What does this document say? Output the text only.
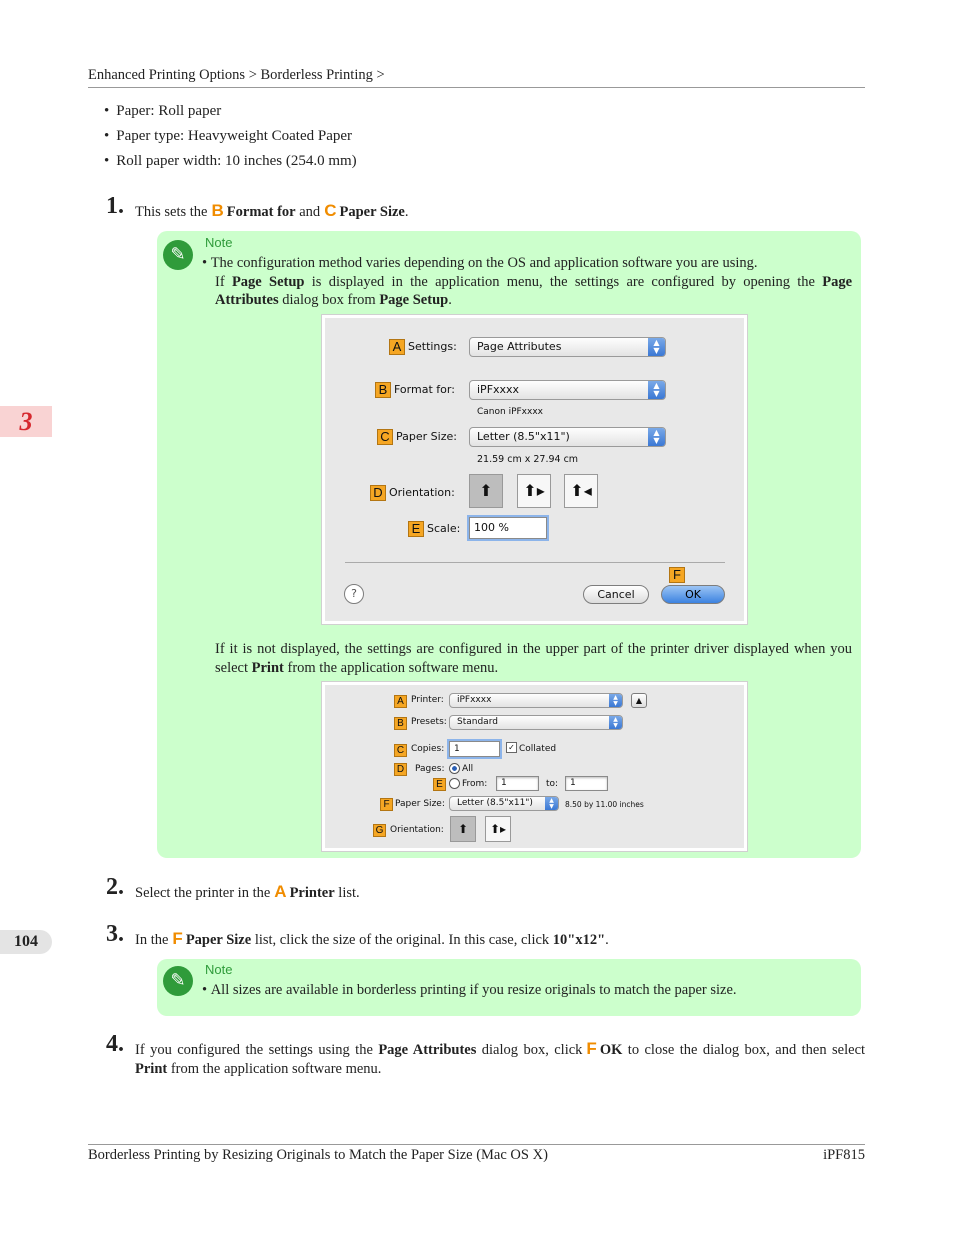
Enhanced Printing Options > Borderless Printing >
• Paper: Roll paper
• Paper type: Heavyweight Coated Paper
• Roll paper width: 10 inches (254.0 mm)
1. This sets the B Format for and C Paper Size.
✎
Note
• The configuration method varies depending on the OS and application software you are using.
If Page Setup is displayed in the application menu, the settings are configured by opening the Page Attributes dialog box from Page Setup.
A Settings:	Page Attributes	▲
▼
B Format for:	iPFxxxx	▲
▼
Canon iPFxxxx
C Paper Size:	Letter (8.5"x11")	▲
▼
21.59 cm x 27.94 cm
D Orientation:	⬆	⬆▸	⬆◂
E Scale:	100 %
?
F
Cancel	OK
If it is not displayed, the settings are configured in the upper part of the printer driver displayed when you select Print from the application software menu.
A Printer:	iPFxxxx	▲
▼	▲
B Presets:	Standard	▲
▼
C Copies:	1	✓ Collated
D	Pages: All
E	From:	1	to:	1
F Paper Size:	Letter (8.5"x11")	▲
▼	8.50 by 11.00 inches
G Orientation:	⬆	⬆▸
2. Select the printer in the A Printer list.
3. In the F Paper Size list, click the size of the original. In this case, click 10"x12".
✎
Note
• All sizes are available in borderless printing if you resize originals to match the paper size.
4. If you configured the settings using the Page Attributes dialog box, click F OK to close the dialog box, and then select Print from the application software menu.
3
104
Borderless Printing by Resizing Originals to Match the Paper Size (Mac OS X)	iPF815
